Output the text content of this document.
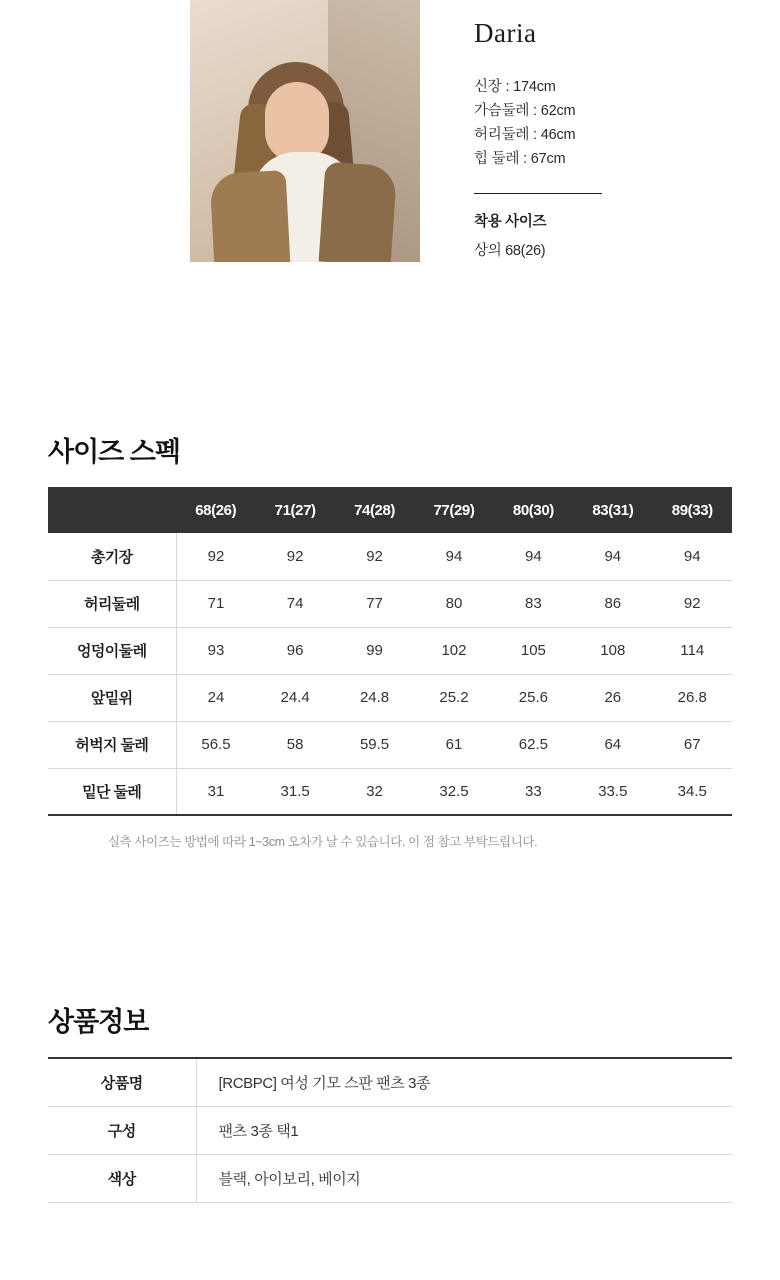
Daria
신장 : 174cm
가슴둘레 : 62cm
허리둘레 : 46cm
힙 둘레 : 67cm
착용 사이즈
상의 68(26)
사이즈 스펙
	68(26)	71(27)	74(28)	77(29)	80(30)	83(31)	89(33)
총기장	92	92	92	94	94	94	94
허리둘레	71	74	77	80	83	86	92
엉덩이둘레	93	96	99	102	105	108	114
앞밑위	24	24.4	24.8	25.2	25.6	26	26.8
허벅지 둘레	56.5	58	59.5	61	62.5	64	67
밑단 둘레	31	31.5	32	32.5	33	33.5	34.5
실측 사이즈는 방법에 따라 1~3cm 오차가 날 수 있습니다. 이 점 참고 부탁드립니다.
상품정보
상품명	[RCBPC] 여성 기모 스판 팬츠 3종
구성	팬츠 3종 택1
색상	블랙, 아이보리, 베이지
